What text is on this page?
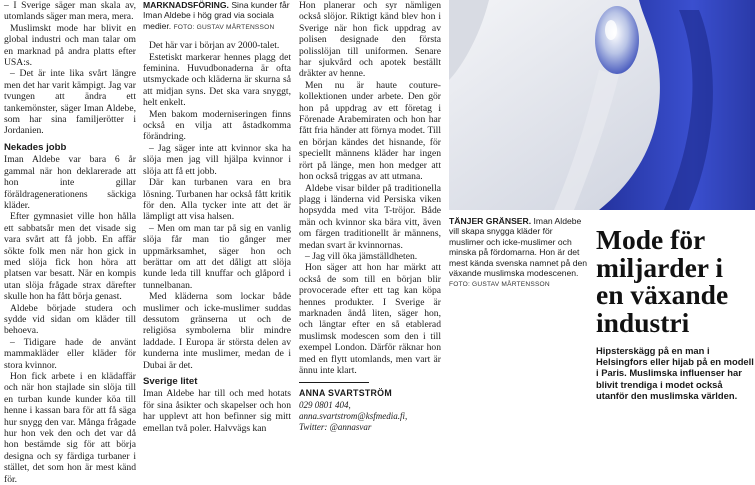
– I Sverige säger man skala av, utomlands säger man mera, mera.

Muslimskt mode har blivit en global industri och man talar om en marknad på andra platts efter USA:s.

– Det är inte lika svårt längre men det har varit kämpigt. Jag var tvungen att ändra ett tankemönster, säger Iman Aldebe, som har sina familjerötter i Jordanien.

Nekades jobb

Iman Aldebe var bara 6 år gammal när hon deklarerade att hon inte gillar föräldragenerationens säckiga kläder.

Efter gymnasiet ville hon hålla ett sabbatsår men det visade sig vara svårt att få jobb. En affär sökte folk men när hon gick in med slöja fick hon höra att platsen var besatt. När en kompis utan slöja frågade strax därefter skulle hon ha fått börja genast.

Aldebe började studera och sydde vid sidan om kläder till behoeva.

– Tidigare hade de använt mammakläder eller kläder för stora kvinnor.

Hon fick arbete i en klädaffär och när hon stajlade sin slöja till en turban kunde kunder köa till henne i kassan bara för att få säga hur snygg den var. Många frågade hur hon vek den och det var då hon bestämde sig för att börja designa och sy färdiga turbaner i stället, det som hon är mest känd för.

MARKNADSFÖRING. Sina kunder får Iman Aldebe i hög grad via sociala medier. FOTO: GUSTAV MÅRTENSSON

Det här var i början av 2000-talet.

Estetiskt markerar hennes plagg det feminina. Huvudbonaderna är ofta utsmyckade och kläderna är skurna så att midjan syns. Det ska vara snyggt, helt enkelt.

Men bakom moderniseringen finns också en vilja att åstadkomma förändring.

– Jag säger inte att kvinnor ska ha slöja men jag vill hjälpa kvinnor i slöja att få ett jobb.

Där kan turbanen vara en bra lösning. Turbanen har också fått kritik för den. Alla tycker inte att det är lämpligt att visa halsen.

– Men om man tar på sig en vanlig slöja får man tio gånger mer uppmärksamhet, säger hon och berättar om att det dåligt att slöja kunde leda till knuffar och glåpord i tunnelbanan.

Med kläderna som lockar både muslimer och icke-muslimer suddas dessutom gränserna ut och de religiösa symbolerna blir mindre laddade. I Europa är största delen av kunderna inte muslimer, medan de i Dubai är det.

Sverige litet

Iman Aldebe har till och med hotats för sina åsikter och skapelser och hon har upplevt att hon befinner sig mitt emellan två poler. Halvvägs kan

Hon planerar och syr nämligen också slöjor. Riktigt känd blev hon i Sverige när hon fick uppdrag av polisen designade den första polisslöjan till uniformen. Senare har sjukvård och apotek beställt dräkter av henne.

Men nu är haute couture-kollektionen under arbete. Den gör hon på uppdrag av ett företag i Förenade Arabemiraten och hon har fått fria händer att förnya modet. Till en början kändes det hisnande, för speciellt männens kläder har ingen rört på länge, men hon medger att hon också triggas av att utmana.

Aldebe visar bilder på traditionella plagg i länderna vid Persiska viken hopsydda med vita T-tröjor. Både män och kvinnor ska bära vitt, även om färgen traditionellt är männens, medan svart är kvinnornas.

– Jag vill öka jämställdheten.

Hon säger att hon har märkt att också de som till en början blir provocerade efter ett tag kan köpa hennes produkter. I Sverige är marknaden ändå liten, säger hon, och längtar efter en så etablerad muslimsk modescen som den i till exempel London. Därför räknar hon med en flytt utomlands, men vart är ännu inte klart.

ANNA SVARTSTRÖM
029 0801 404,
anna.svartstrom@ksfmedia.fi,
Twitter: @annasvar
TÄNJER GRÄNSER. Iman Aldebe vill skapa snygga kläder för muslimer och icke-muslimer och minska på fördomarna. Hon är det mest kända svenska namnet på den växande muslimska modescenen.
FOTO: GUSTAV MÅRTENSSON
Mode för miljarder i en växande industri
Hipsterskägg på en man i Helsingfors eller hijab på en modell i Paris. Muslimska influenser har blivit trendiga i modet också utanför den muslimska världen.
